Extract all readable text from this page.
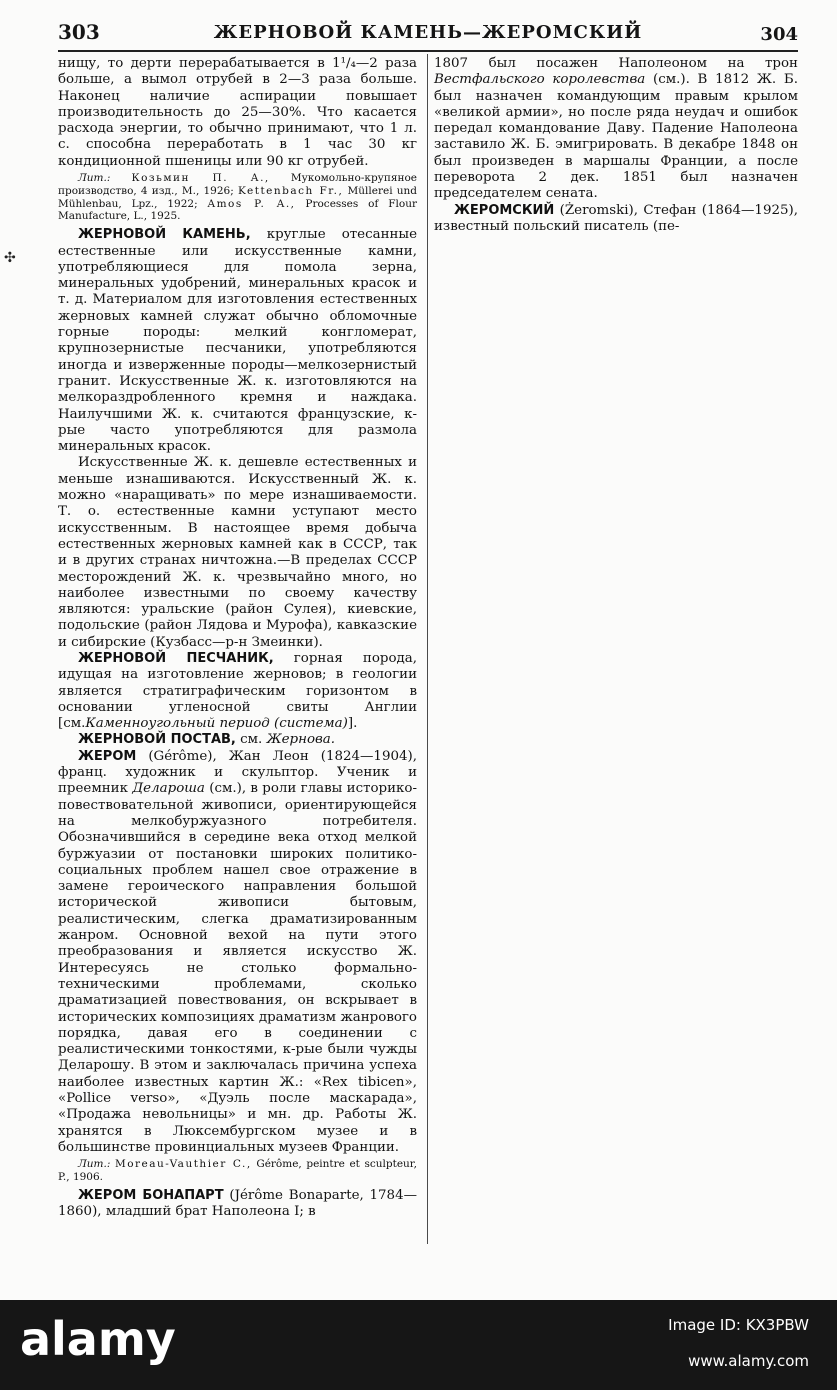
303	ЖЕРНОВОЙ КАМЕНЬ—ЖЕРОМСКИЙ	304
✣

нищу, то дерти перерабатывается в 1¹/₄—2 раза больше, а вымол отрубей в 2—3 раза больше. Наконец наличие аспирации повышает производительность до 25—30%. Что касается расхода энергии, то обычно принимают, что 1 л. с. способна переработать в 1 час 30 кг кондиционной пшеницы или 90 кг отрубей.

Лит.: Козьмин П. А., Мукомольно-крупяное производство, 4 изд., М., 1926; Kettenbach Fr., Müllerei und Mühlenbau, Lpz., 1922; Amos P. A., Processes of Flour Manufacture, L., 1925.

ЖЕРНОВОЙ КАМЕНЬ, круглые отесанные естественные или искусственные камни, употребляющиеся для помола зерна, минеральных удобрений, минеральных красок и т. д. Материалом для изготовления естественных жерновых камней служат обычно обломочные горные породы: мелкий конгломерат, крупнозернистые песчаники, употребляются иногда и изверженные породы—мелкозернистый гранит. Искусственные Ж. к. изготовляются на мелкораздробленного кремня и наждака. Наилучшими Ж. к. считаются французские, к-рые часто употребляются для размола минеральных красок.

Искусственные Ж. к. дешевле естественных и меньше изнашиваются. Искусственный Ж. к. можно «наращивать» по мере изнашиваемости. Т. о. естественные камни уступают место искусственным. В настоящее время добыча естественных жерновых камней как в СССР, так и в других странах ничтожна.—В пределах СССР месторождений Ж. к. чрезвычайно много, но наиболее известными по своему качеству являются: уральские (район Сулея), киевские, подольские (район Лядова и Мурофа), кавказские и сибирские (Кузбасс—р-н Змеинки).

ЖЕРНОВОЙ ПЕСЧАНИК, горная порода, идущая на изготовление жерновов; в геологии является стратиграфическим горизонтом в основании угленосной свиты Англии [см.Каменноугольный период (система)].

ЖЕРНОВОЙ ПОСТАВ, см. Жернова.

ЖЕРОМ (Gérôme), Жан Леон (1824—1904), франц. художник и скульптор. Ученик и преемник Делароша (см.), в роли главы историко-повествовательной живописи, ориентирующейся на мелкобуржуазного потребителя. Обозначившийся в середине века отход мелкой буржуазии от постановки широких политико-социальных проблем нашел свое отражение в замене героического направления большой исторической живописи бытовым, реалистическим, слегка драматизированным жанром. Основной вехой на пути этого преобразования и является искусство Ж. Интересуясь не столько формально-техническими проблемами, сколько драматизацией повествования, он вскрывает в исторических композициях драматизм жанрового порядка, давая его в соединении с реалистическими тонкостями, к-рые были чужды Деларошу. В этом и заключалась причина успеха наиболее известных картин Ж.: «Rex tibicen», «Pollice verso», «Дуэль после маскарада», «Продажа невольницы» и мн. др. Работы Ж. хранятся в Люксембургском музее и в большинстве провинциальных музеев Франции.

Лит.: Moreau-Vauthier C., Gérôme, peintre et sculpteur, P., 1906.

ЖЕРОМ БОНАПАРТ (Jérôme Bonaparte, 1784—1860), младший брат Наполеона I; в

1807 был посажен Наполеоном на трон Вестфальского королевства (см.). В 1812 Ж. Б. был назначен командующим правым крылом «великой армии», но после ряда неудач и ошибок передал командование Даву. Падение Наполеона заставило Ж. Б. эмигрировать. В декабре 1848 он был произведен в маршалы Франции, а после переворота 2 дек. 1851 был назначен председателем сената.

ЖЕРОМСКИЙ (Żeromski), Стефан (1864—1925), известный польский писатель (пе-

alamy	Image ID: KX3PBW
www.alamy.com
